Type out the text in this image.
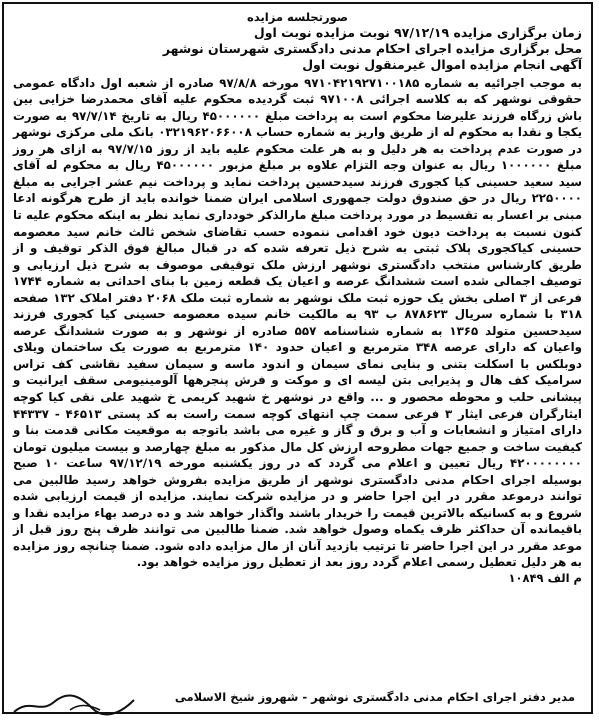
صورتجلسه مزایده

زمان برگزاری مزایده ۹۷/۱۲/۱۹ نوبت مزایده نوبت اول

محل برگزاری مزایده اجرای احکام مدنی دادگستری شهرستان نوشهر

آگهی انجام مزایده اموال غیرمنقول نوبت اول

به موجب اجرائیه به شماره ۹۷۱۰۴۲۱۹۲۷۱۰۰۱۸۵ مورخه ۹۷/۸/۸ صادره از شعبه اول دادگاه عمومی حقوقی نوشهر که به کلاسه اجرائی ۹۷۱۰۰۸ ثبت گردیده محکوم علیه آقای محمدرضا خزایی بین باش زرگاه فرزند علیرضا محکوم است به پرداخت مبلغ ۴۵۰۰۰۰۰۰ ریال به تاریخ ۹۷/۷/۱۴ به صورت یکجا و نقدا به محکوم له از طریق واریز به شماره حساب ۰۳۲۱۹۶۲۰۶۶۰۰۸ بانک ملی مرکزی نوشهر در صورت عدم پرداخت به هر دلیل و به هر علت محکوم علیه باید از روز ۹۷/۷/۱۵ به ازای هر روز مبلغ ۱۰۰۰۰۰۰ ریال به عنوان وجه التزام علاوه بر مبلغ مزبور ۴۵۰۰۰۰۰۰ ریال به محکوم له آقای سید سعید حسینی کیا کجوری فرزند سیدحسین پرداخت نماید و پرداخت نیم عشر اجرایی به مبلغ ۲۲۵۰۰۰۰ ریال در حق صندوق دولت جمهوری اسلامی ایران ضمنا خوانده باید از طرح هرگونه ادعا مبنی بر اعسار به تقسیط در مورد پرداخت مبلغ مارالذکر خودداری نماید نظر به اینکه محکوم علیه تا کنون نسبت به پرداخت دیون خود اقدامی ننموده حسب تقاضای شخص ثالث خانم سید معصومه حسینی کیاکجوری پلاک ثبتی به شرح ذیل تعرفه شده که در قبال مبالغ فوق الذکر توقیف و از طریق کارشناس منتخب دادگستری نوشهر ارزش ملک توقیفی موصوف به شرح ذیل ارزیابی و توصیف اجمالی شده است ششدانگ عرصه و اعیان یک قطعه زمین با بنای احداثی به شماره ۱۷۴۴ فرعی از ۳ اصلی بخش یک حوزه ثبت ملک نوشهر به شماره ثبت ملک ۲۰۶۸ دفتر املاک ۱۳۲ صفحه ۳۱۸ با شماره سریال ۸۷۸۶۲۳ ب ۹۳ به مالکیت خانم سیده معصومه حسینی کیا کجوری فرزند سیدحسین متولد ۱۳۶۵ به شماره شناسنامه ۵۵۷ صادره از نوشهر و به صورت ششدانگ عرصه واعیان که دارای عرصه ۳۴۸ مترمربع و اعیان حدود ۱۴۰ مترمربع به صورت یک ساختمان ویلای دوبلکس با اسکلت بتنی و بنایی نمای سیمان و اندود ماسه و سیمان سفید نقاشی کف تراس سرامیک کف هال و پذیرایی بتن لیسه ای و موکت و فرش پنجرهها آلومینیومی سقف ایرانیت و پیشانی حلب و محوطه محصور و ... واقع در نوشهر خ شهید کریمی خ شهید علی نقی کیا کوچه ایثارگران فرعی ایثار ۳ فرعی سمت چپ انتهای کوچه سمت راست به کد پستی ۴۶۵۱۳ - ۴۴۳۳۷ دارای امتیاز و انشعابات و آب و برق و گاز و غیره می باشد باتوجه به موقعیت مکانی قدمت بنا و کیفیت ساخت و جمیع جهات مطروحه ارزش کل مال مذکور به مبلغ چهارصد و بیست میلیون تومان ۴۲۰۰۰۰۰۰۰۰ ریال تعیین و اعلام می گردد که در روز یکشنبه مورخه ۹۷/۱۲/۱۹ ساعت ۱۰ صبح بوسیله اجرای احکام مدنی دادگستری نوشهر از طریق مزایده بفروش خواهد رسید طالبین می توانند درموعد مقرر در این اجرا حاضر و در مزایده شرکت نمایند. مزایده از قیمت ارزیابی شده شروع و به کسانیکه بالاترین قیمت را خریدار باشند واگذار خواهد شد و ده درصد بهاء مزایده نقدا و باقیمانده آن حداکثر ظرف یکماه وصول خواهد شد. ضمنا طالبین می توانند ظرف پنج روز قبل از موعد مقرر در این اجرا حاضر تا ترتیب بازدید آنان از مال مزایده داده شود. ضمنا چنانچه روز مزایده به هر دلیل تعطیل رسمی اعلام گردد روز بعد از تعطیل روز مزایده خواهد بود.

م الف ۱۰۸۴۹

مدیر دفتر اجرای احکام مدنی دادگستری نوشهر - شهروز شیخ الاسلامی
